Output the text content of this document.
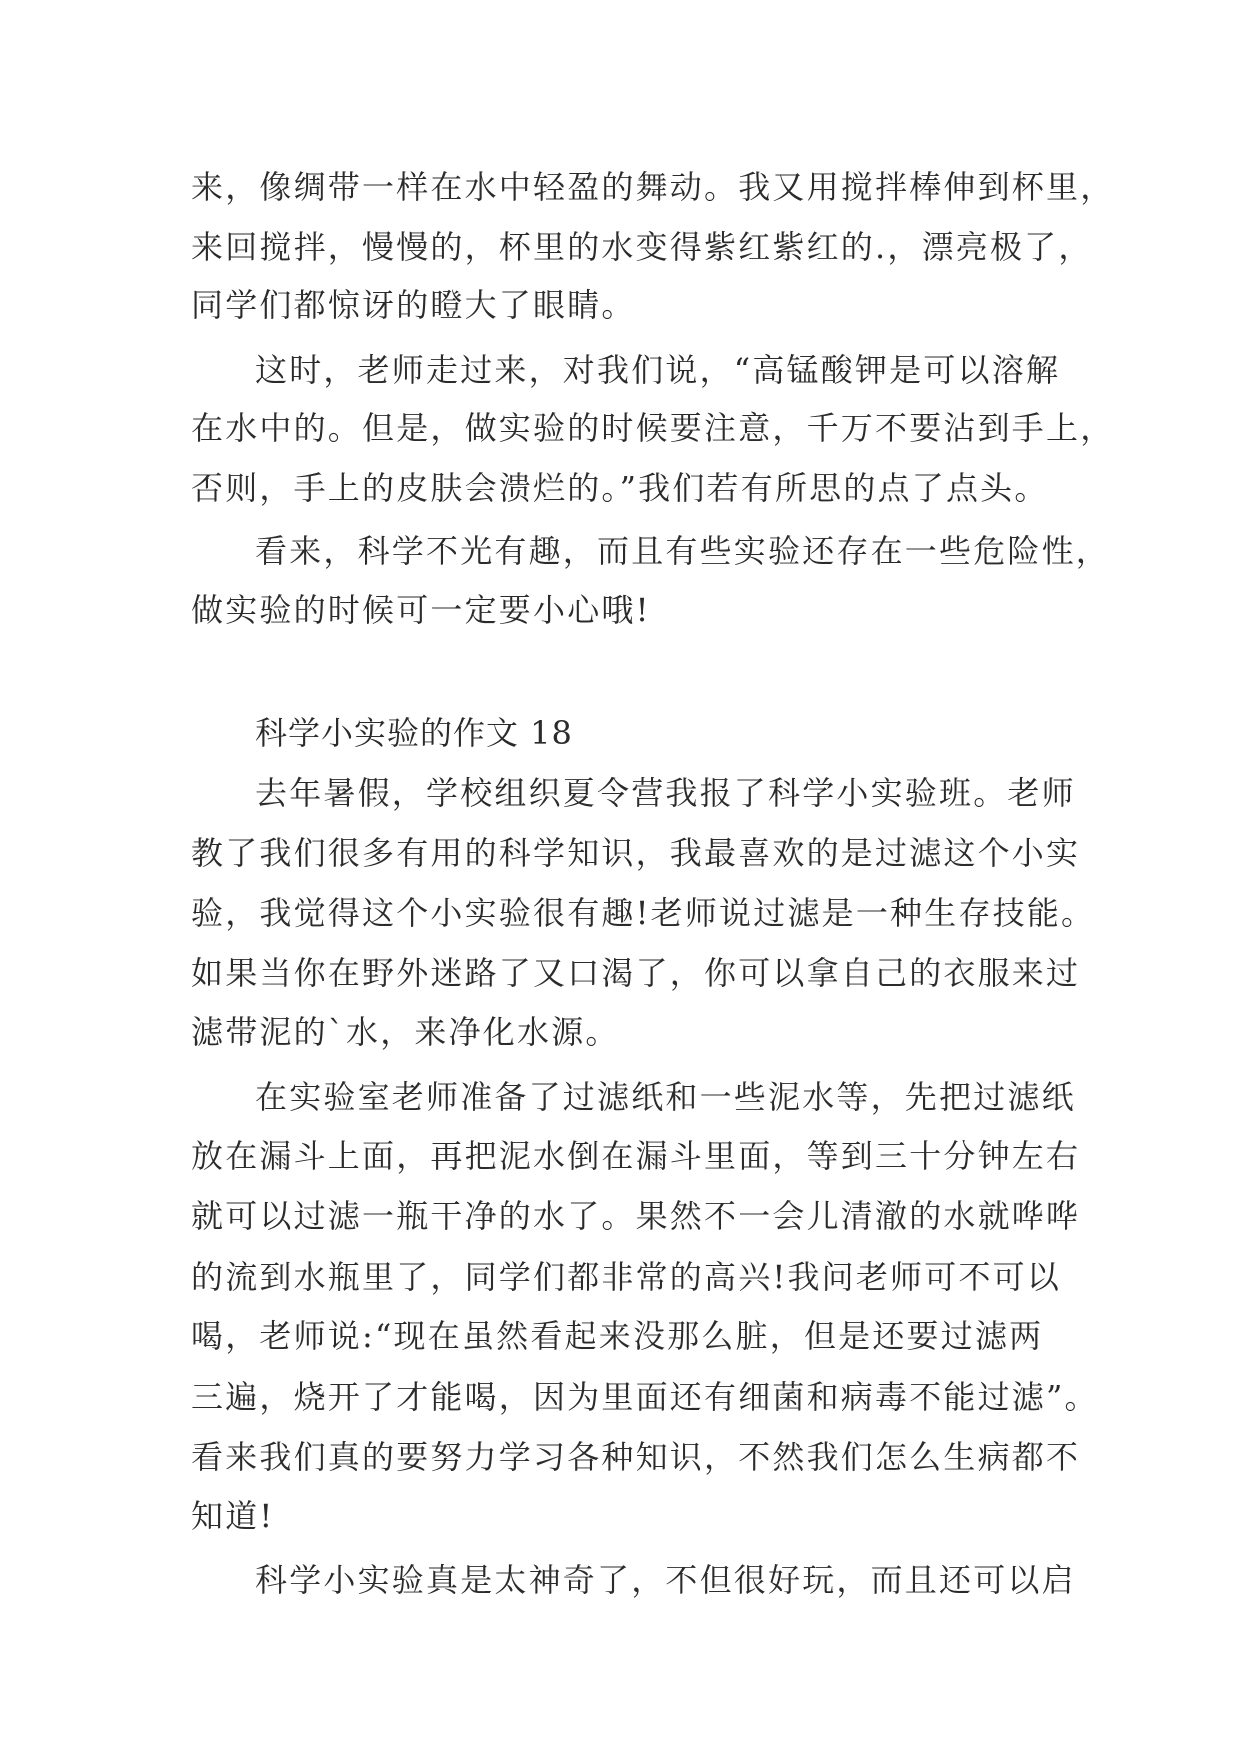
来，像绸带一样在水中轻盈的舞动。我又用搅拌棒伸到杯里，
来回搅拌，慢慢的，杯里的水变得紫红紫红的.，漂亮极了，
同学们都惊讶的瞪大了眼睛。
这时，老师走过来，对我们说，“高锰酸钾是可以溶解
在水中的。但是，做实验的时候要注意，千万不要沾到手上，
否则，手上的皮肤会溃烂的。”我们若有所思的点了点头。
看来，科学不光有趣，而且有些实验还存在一些危险性，
做实验的时候可一定要小心哦!
科学小实验的作文 18
去年暑假，学校组织夏令营我报了科学小实验班。老师
教了我们很多有用的科学知识，我最喜欢的是过滤这个小实
验，我觉得这个小实验很有趣!老师说过滤是一种生存技能。
如果当你在野外迷路了又口渴了，你可以拿自己的衣服来过
滤带泥的`水，来净化水源。
在实验室老师准备了过滤纸和一些泥水等，先把过滤纸
放在漏斗上面，再把泥水倒在漏斗里面，等到三十分钟左右
就可以过滤一瓶干净的水了。果然不一会儿清澈的水就哗哗
的流到水瓶里了，同学们都非常的高兴!我问老师可不可以
喝，老师说:“现在虽然看起来没那么脏，但是还要过滤两
三遍，烧开了才能喝，因为里面还有细菌和病毒不能过滤”。
看来我们真的要努力学习各种知识，不然我们怎么生病都不
知道!
科学小实验真是太神奇了，不但很好玩，而且还可以启
